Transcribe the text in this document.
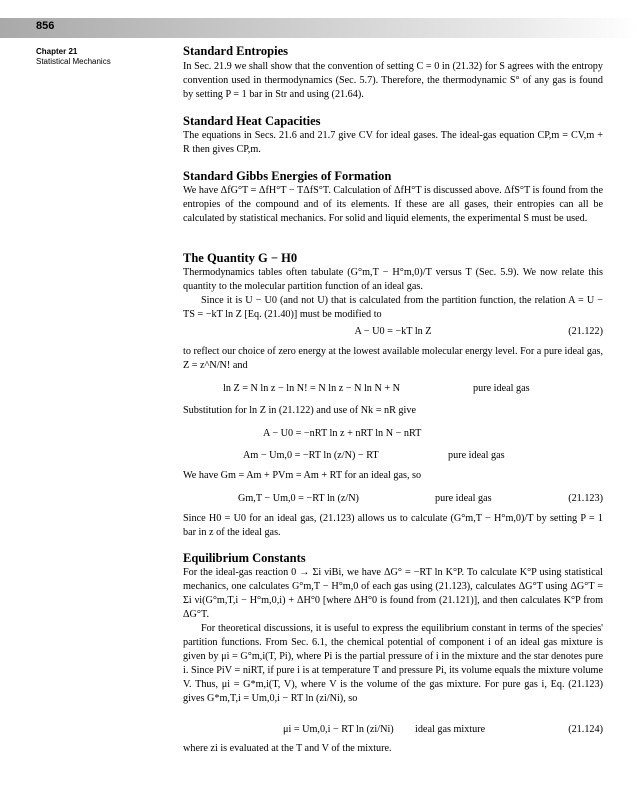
856
Chapter 21
Statistical Mechanics
Standard Entropies

In Sec. 21.9 we shall show that the convention of setting C = 0 in (21.32) for S agrees with the entropy convention used in thermodynamics (Sec. 5.7). Therefore, the thermodynamic S° of any gas is found by setting P = 1 bar in Str and using (21.64).

Standard Heat Capacities

The equations in Secs. 21.6 and 21.7 give CV for ideal gases. The ideal-gas equation CP,m = CV,m + R then gives CP,m.

Standard Gibbs Energies of Formation

We have ΔfG°T = ΔfH°T − TΔfS°T. Calculation of ΔfH°T is discussed above. ΔfS°T is found from the entropies of the compound and of its elements. If these are all gases, their entropies can all be calculated by statistical mechanics. For solid and liquid elements, the experimental S must be used.

The Quantity G − H0

Thermodynamics tables often tabulate (G°m,T − H°m,0)/T versus T (Sec. 5.9). We now relate this quantity to the molecular partition function of an ideal gas.

Since it is U − U0 (and not U) that is calculated from the partition function, the relation A = U − TS = −kT ln Z [Eq. (21.40)] must be modified to

A − U0 = −kT ln Z	(21.122)

to reflect our choice of zero energy at the lowest available molecular energy level. For a pure ideal gas, Z = z^N/N! and

ln Z = N ln z − ln N! = N ln z − N ln N + N	pure ideal gas

Substitution for ln Z in (21.122) and use of Nk = nR give

A − U0 = −nRT ln z + nRT ln N − nRT
Am − Um,0 = −RT ln (z/N) − RT	pure ideal gas

We have Gm = Am + PVm = Am + RT for an ideal gas, so

Gm,T − Um,0 = −RT ln (z/N)	pure ideal gas	(21.123)

Since H0 = U0 for an ideal gas, (21.123) allows us to calculate (G°m,T − H°m,0)/T by setting P = 1 bar in z of the ideal gas.

Equilibrium Constants

For the ideal-gas reaction 0 → Σi νiBi, we have ΔG° = −RT ln K°P. To calculate K°P using statistical mechanics, one calculates G°m,T − H°m,0 of each gas using (21.123), calculates ΔG°T using ΔG°T = Σi νi(G°m,T,i − H°m,0,i) + ΔH°0 [where ΔH°0 is found from (21.121)], and then calculates K°P from ΔG°T.

For theoretical discussions, it is useful to express the equilibrium constant in terms of the species' partition functions. From Sec. 6.1, the chemical potential of component i of an ideal gas mixture is given by μi = G°m,i(T, Pi), where Pi is the partial pressure of i in the mixture and the star denotes pure i. Since PiV = niRT, if pure i is at temperature T and pressure Pi, its volume equals the mixture volume V. Thus, μi = G*m,i(T, V), where V is the volume of the gas mixture. For pure gas i, Eq. (21.123) gives G*m,T,i = Um,0,i − RT ln (zi/Ni), so

μi = Um,0,i − RT ln (zi/Ni) ideal gas mixture	(21.124)

where zi is evaluated at the T and V of the mixture.
